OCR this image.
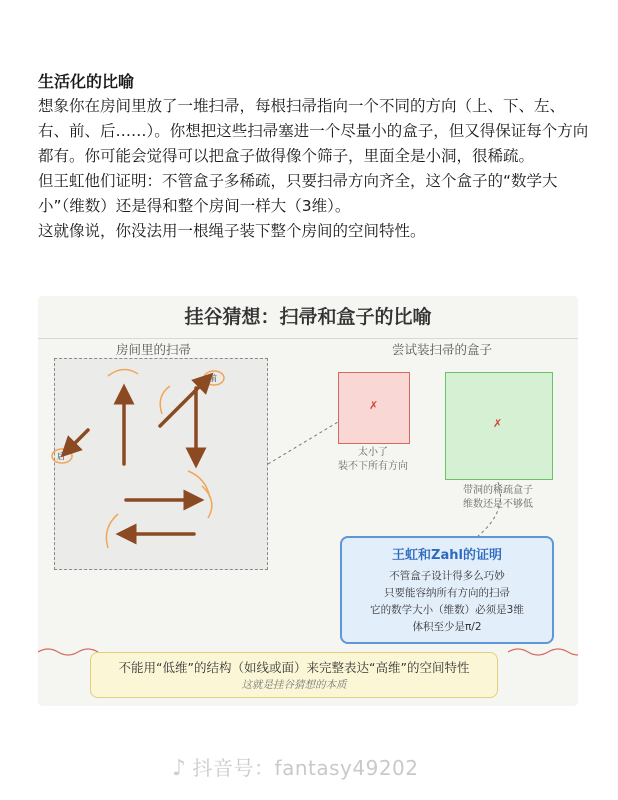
生活化的比喻

想象你在房间里放了一堆扫帚，每根扫帚指向一个不同的方向（上、下、左、右、前、后……）。你想把这些扫帚塞进一个尽量小的盒子，但又得保证每个方向都有。你可能会觉得可以把盒子做得像个筛子，里面全是小洞，很稀疏。

但王虹他们证明：不管盒子多稀疏，只要扫帚方向齐全，这个盒子的“数学大小”（维数）还是得和整个房间一样大（3维）。

这就像说，你没法用一根绳子装下整个房间的空间特性。

挂谷猜想：扫帚和盒子的比喻
房间里的扫帚	尝试装扫帚的盒子
前
后
✗
太小了
装不下所有方向
✗
带洞的稀疏盒子
维数还是不够低
王虹和Zahl的证明
不管盒子设计得多么巧妙
只要能容纳所有方向的扫帚
它的数学大小（维数）必须是3维
体积至少是π/2
不能用“低维”的结构（如线或面）来完整表达“高维”的空间特性
这就是挂谷猜想的本质
♪ 抖音号：fantasy49202
